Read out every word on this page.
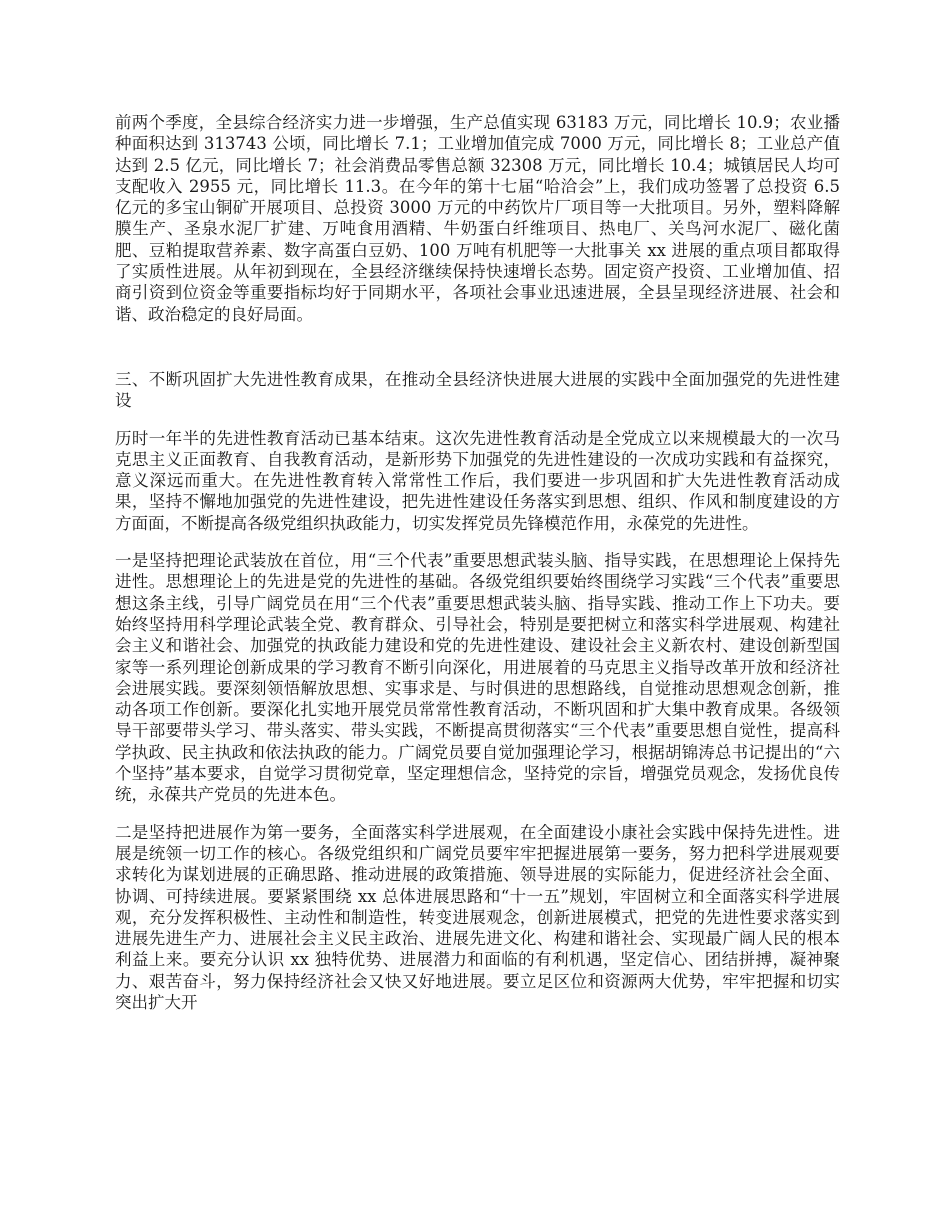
前两个季度，全县综合经济实力进一步增强，生产总值实现 63183 万元，同比增长 10.9；农业播种面积达到 313743 公顷，同比增长 7.1；工业增加值完成 7000 万元，同比增长 8；工业总产值达到 2.5 亿元，同比增长 7；社会消费品零售总额 32308 万元，同比增长 10.4；城镇居民人均可支配收入 2955 元，同比增长 11.3。在今年的第十七届“哈洽会”上，我们成功签署了总投资 6.5 亿元的多宝山铜矿开展项目、总投资 3000 万元的中药饮片厂项目等一大批项目。另外，塑料降解膜生产、圣泉水泥厂扩建、万吨食用酒精、牛奶蛋白纤维项目、热电厂、关鸟河水泥厂、磁化菌肥、豆粕提取营养素、数字高蛋白豆奶、100 万吨有机肥等一大批事关 xx 进展的重点项目都取得了实质性进展。从年初到现在，全县经济继续保持快速增长态势。固定资产投资、工业增加值、招商引资到位资金等重要指标均好于同期水平，各项社会事业迅速进展，全县呈现经济进展、社会和谐、政治稳定的良好局面。

三、不断巩固扩大先进性教育成果，在推动全县经济快进展大进展的实践中全面加强党的先进性建设

历时一年半的先进性教育活动已基本结束。这次先进性教育活动是全党成立以来规模最大的一次马克思主义正面教育、自我教育活动，是新形势下加强党的先进性建设的一次成功实践和有益探究，意义深远而重大。在先进性教育转入常常性工作后，我们要进一步巩固和扩大先进性教育活动成果，坚持不懈地加强党的先进性建设，把先进性建设任务落实到思想、组织、作风和制度建设的方方面面，不断提高各级党组织执政能力，切实发挥党员先锋模范作用，永葆党的先进性。

一是坚持把理论武装放在首位，用“三个代表”重要思想武装头脑、指导实践，在思想理论上保持先进性。思想理论上的先进是党的先进性的基础。各级党组织要始终围绕学习实践“三个代表”重要思想这条主线，引导广阔党员在用“三个代表”重要思想武装头脑、指导实践、推动工作上下功夫。要始终坚持用科学理论武装全党、教育群众、引导社会，特别是要把树立和落实科学进展观、构建社会主义和谐社会、加强党的执政能力建设和党的先进性建设、建设社会主义新农村、建设创新型国家等一系列理论创新成果的学习教育不断引向深化，用进展着的马克思主义指导改革开放和经济社会进展实践。要深刻领悟解放思想、实事求是、与时俱进的思想路线，自觉推动思想观念创新，推动各项工作创新。要深化扎实地开展党员常常性教育活动，不断巩固和扩大集中教育成果。各级领导干部要带头学习、带头落实、带头实践，不断提高贯彻落实“三个代表”重要思想自觉性，提高科学执政、民主执政和依法执政的能力。广阔党员要自觉加强理论学习，根据胡锦涛总书记提出的“六个坚持”基本要求，自觉学习贯彻党章，坚定理想信念，坚持党的宗旨，增强党员观念，发扬优良传统，永葆共产党员的先进本色。

二是坚持把进展作为第一要务，全面落实科学进展观，在全面建设小康社会实践中保持先进性。进展是统领一切工作的核心。各级党组织和广阔党员要牢牢把握进展第一要务，努力把科学进展观要求转化为谋划进展的正确思路、推动进展的政策措施、领导进展的实际能力，促进经济社会全面、协调、可持续进展。要紧紧围绕 xx 总体进展思路和“十一五”规划，牢固树立和全面落实科学进展观，充分发挥积极性、主动性和制造性，转变进展观念，创新进展模式，把党的先进性要求落实到进展先进生产力、进展社会主义民主政治、进展先进文化、构建和谐社会、实现最广阔人民的根本利益上来。要充分认识 xx 独特优势、进展潜力和面临的有利机遇，坚定信心、团结拼搏，凝神聚力、艰苦奋斗，努力保持经济社会又快又好地进展。要立足区位和资源两大优势，牢牢把握和切实突出扩大开
